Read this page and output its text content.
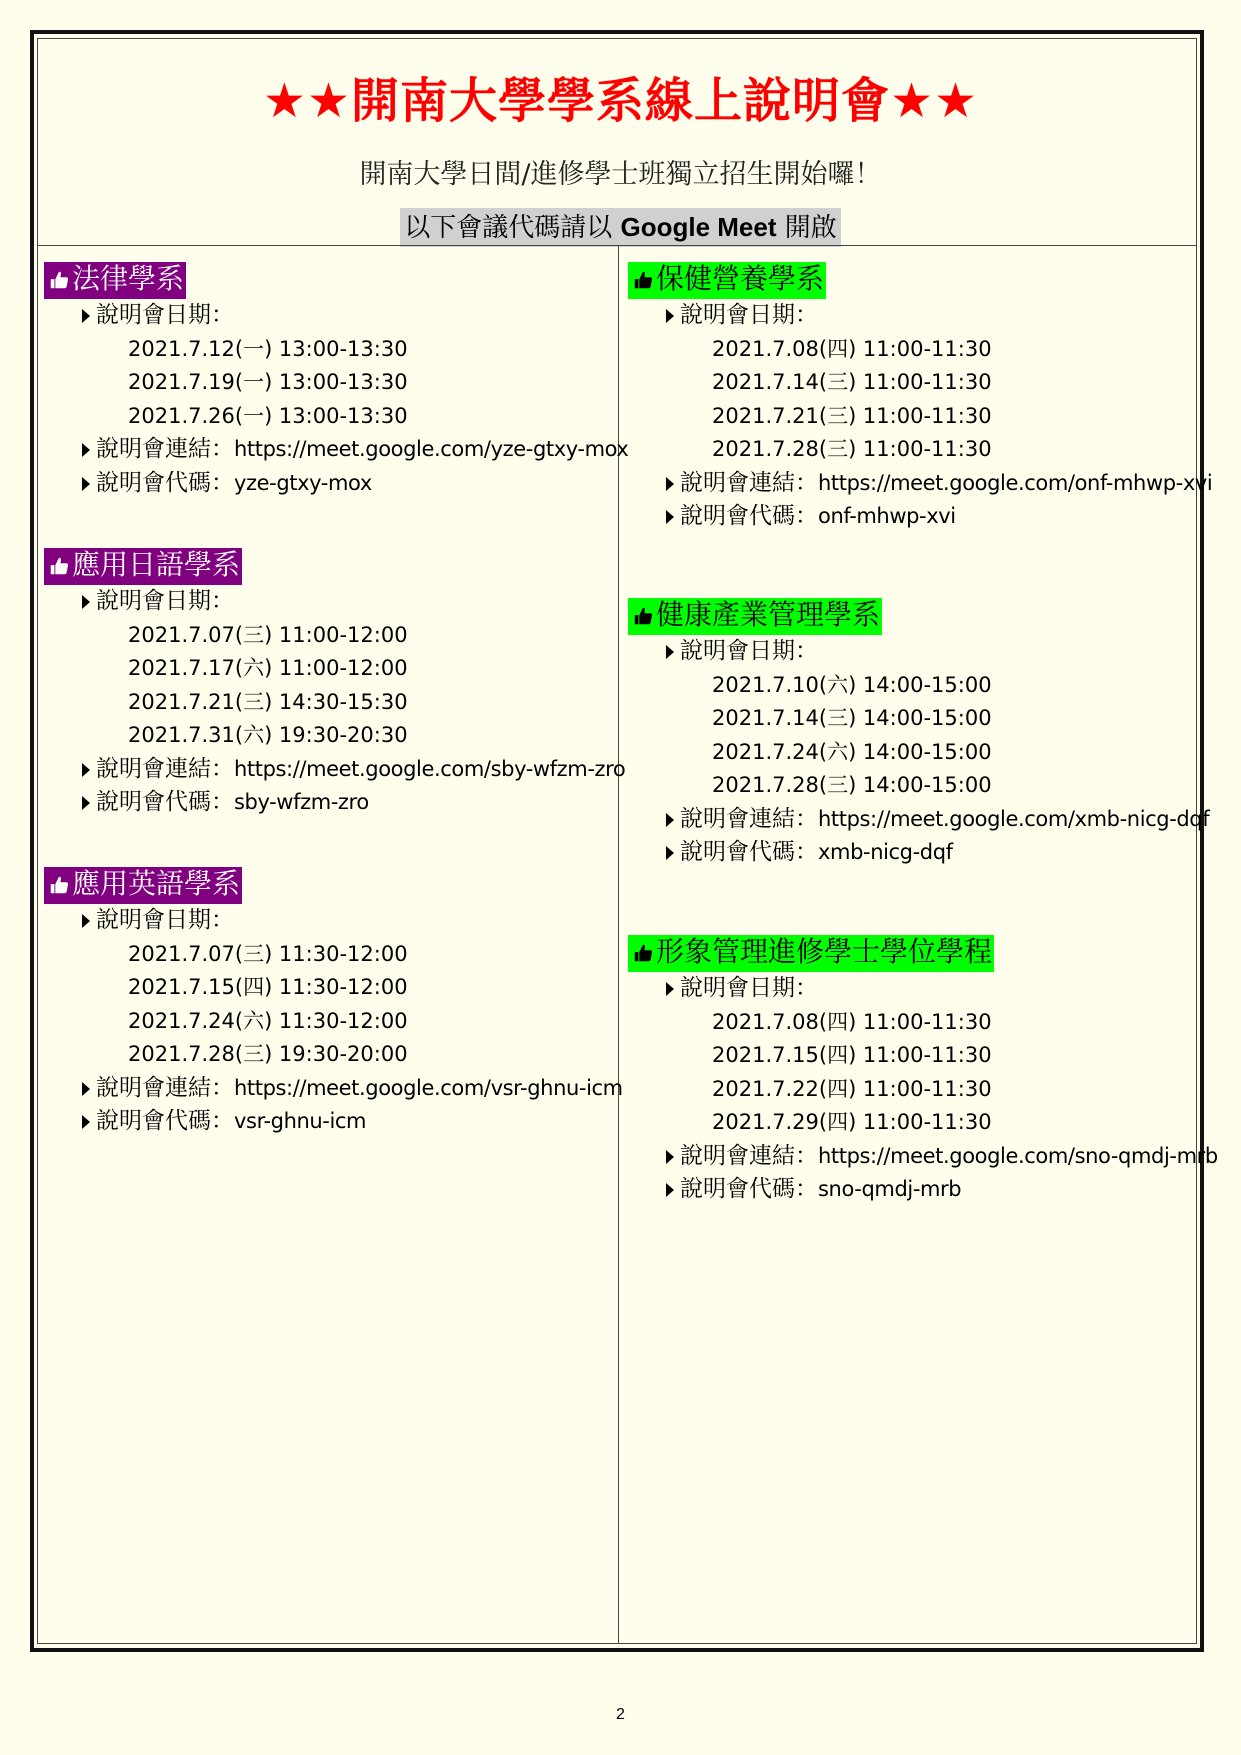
★★開南大學學系線上說明會★★
開南大學日間/進修學士班獨立招生開始囉！
以下會議代碼請以 Google Meet 開啟
法律學系
說明會日期：
2021.7.12(一) 13:00-13:30
2021.7.19(一) 13:00-13:30
2021.7.26(一) 13:00-13:30
說明會連結：https://meet.google.com/yze-gtxy-mox
說明會代碼：yze-gtxy-mox
應用日語學系
說明會日期：
2021.7.07(三) 11:00-12:00
2021.7.17(六) 11:00-12:00
2021.7.21(三) 14:30-15:30
2021.7.31(六) 19:30-20:30
說明會連結：https://meet.google.com/sby-wfzm-zro
說明會代碼：sby-wfzm-zro
應用英語學系
說明會日期：
2021.7.07(三) 11:30-12:00
2021.7.15(四) 11:30-12:00
2021.7.24(六) 11:30-12:00
2021.7.28(三) 19:30-20:00
說明會連結：https://meet.google.com/vsr-ghnu-icm
說明會代碼：vsr-ghnu-icm
保健營養學系
說明會日期：
2021.7.08(四) 11:00-11:30
2021.7.14(三) 11:00-11:30
2021.7.21(三) 11:00-11:30
2021.7.28(三) 11:00-11:30
說明會連結：https://meet.google.com/onf-mhwp-xvi
說明會代碼：onf-mhwp-xvi
健康產業管理學系
說明會日期：
2021.7.10(六) 14:00-15:00
2021.7.14(三) 14:00-15:00
2021.7.24(六) 14:00-15:00
2021.7.28(三) 14:00-15:00
說明會連結：https://meet.google.com/xmb-nicg-dqf
說明會代碼：xmb-nicg-dqf
形象管理進修學士學位學程
說明會日期：
2021.7.08(四) 11:00-11:30
2021.7.15(四) 11:00-11:30
2021.7.22(四) 11:00-11:30
2021.7.29(四) 11:00-11:30
說明會連結：https://meet.google.com/sno-qmdj-mrb
說明會代碼：sno-qmdj-mrb
2
